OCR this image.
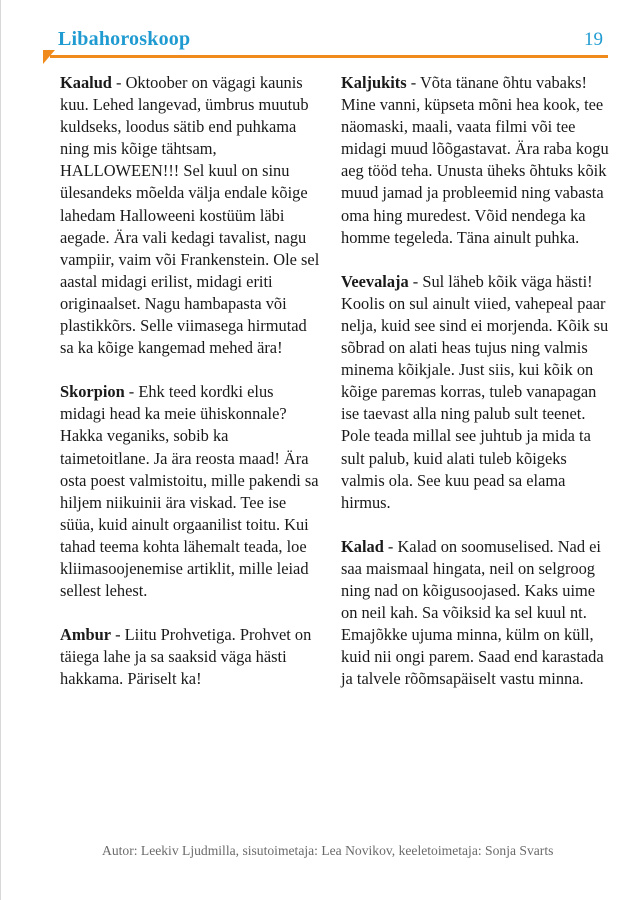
Libahoroskoop	19

Kaalud - Oktoober on vägagi kaunis kuu. Lehed langevad, ümbrus muutub kuldseks, loodus sätib end puhkama ning mis kõige tähtsam, HALLOWEEN!!! Sel kuul on sinu ülesandeks mõelda välja endale kõige lahedam Halloweeni kostüüm läbi aegade. Ära vali kedagi tavalist, nagu vampiir, vaim või Frankenstein. Ole sel aastal midagi erilist, midagi eriti originaalset. Nagu hambapasta või plastikkõrs. Selle viimasega hirmutad sa ka kõige kangemad mehed ära!

Skorpion - Ehk teed kordki elus midagi head ka meie ühiskonnale? Hakka veganiks, sobib ka taimetoitlane. Ja ära reosta maad! Ära osta poest valmistoitu, mille pakendi sa hiljem niikuinii ära viskad. Tee ise süüa, kuid ainult orgaanilist toitu. Kui tahad teema kohta lähemalt teada, loe kliimasoojenemise artiklit, mille leiad sellest lehest.

Ambur - Liitu Prohvetiga. Prohvet on täiega lahe ja sa saaksid väga hästi hakkama. Päriselt ka!

Kaljukits - Võta tänane õhtu vabaks! Mine vanni, küpseta mõni hea kook, tee näomaski, maali, vaata filmi või tee midagi muud lõõgastavat. Ära raba kogu aeg tööd teha. Unusta üheks õhtuks kõik muud jamad ja probleemid ning vabasta oma hing muredest. Võid nendega ka homme tegeleda. Täna ainult puhka.

Veevalaja - Sul läheb kõik väga hästi! Koolis on sul ainult viied, vahepeal paar nelja, kuid see sind ei morjenda. Kõik su sõbrad on alati heas tujus ning valmis minema kõikjale. Just siis, kui kõik on kõige paremas korras, tuleb vanapagan ise taevast alla ning palub sult teenet. Pole teada millal see juhtub ja mida ta sult palub, kuid alati tuleb kõigeks valmis ola. See kuu pead sa elama hirmus.

Kalad - Kalad on soomuselised. Nad ei saa maismaal hingata, neil on selgroog ning nad on kõigusoojased. Kaks uime on neil kah. Sa võiksid ka sel kuul nt. Emajõkke ujuma minna, külm on küll, kuid nii ongi parem. Saad end karastada ja talvele rõõmsapäiselt vastu minna.

Autor: Leekiv Ljudmilla, sisutoimetaja: Lea Novikov, keeletoimetaja: Sonja Svarts
